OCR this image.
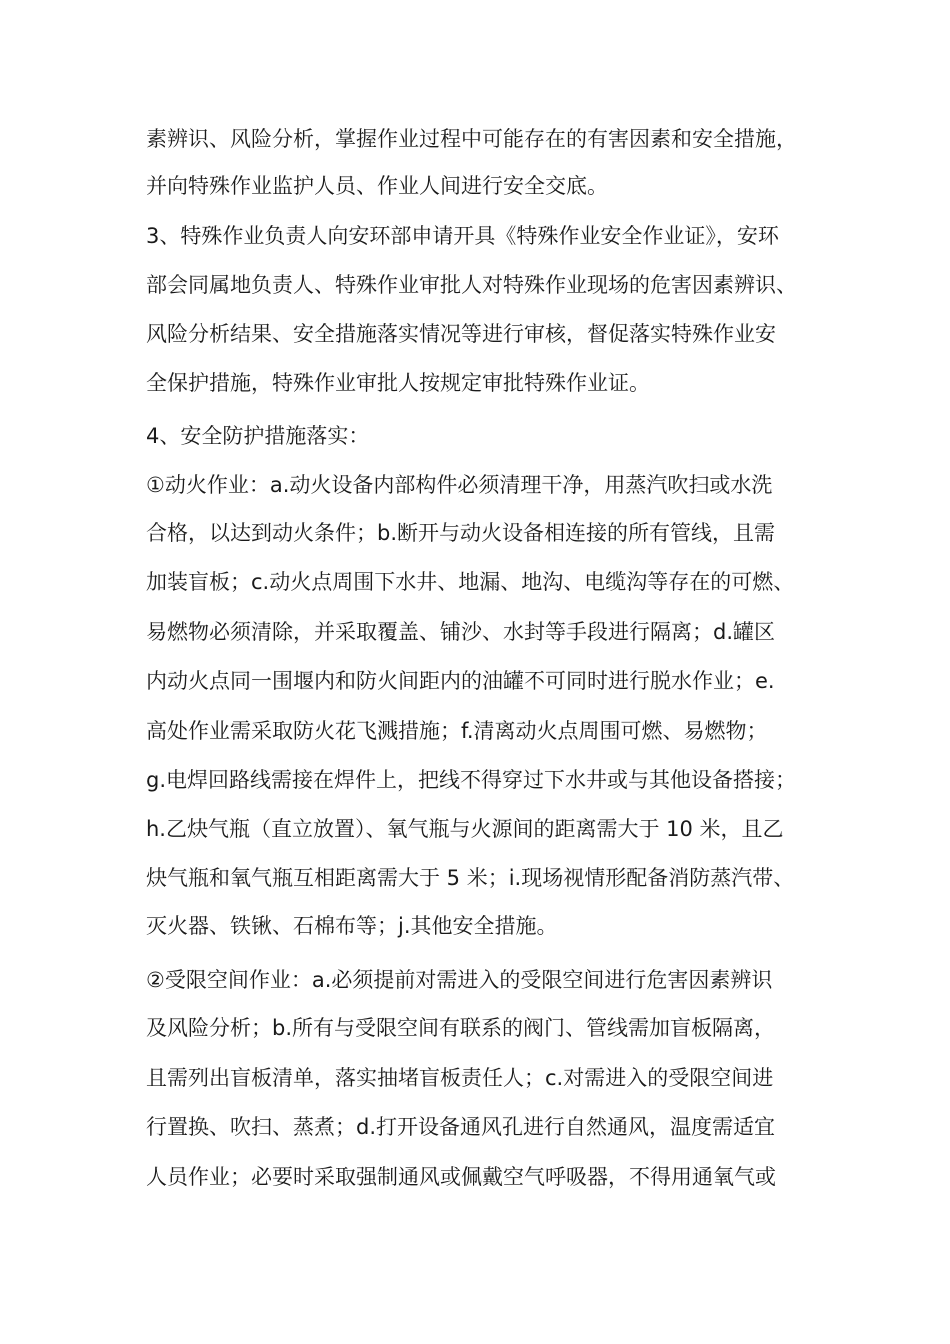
素辨识、风险分析，掌握作业过程中可能存在的有害因素和安全措施，
并向特殊作业监护人员、作业人间进行安全交底。
3、特殊作业负责人向安环部申请开具《特殊作业安全作业证》，安环
部会同属地负责人、特殊作业审批人对特殊作业现场的危害因素辨识、
风险分析结果、安全措施落实情况等进行审核，督促落实特殊作业安
全保护措施，特殊作业审批人按规定审批特殊作业证。
4、安全防护措施落实：
①动火作业：a.动火设备内部构件必须清理干净，用蒸汽吹扫或水洗
合格，以达到动火条件；b.断开与动火设备相连接的所有管线，且需
加装盲板；c.动火点周围下水井、地漏、地沟、电缆沟等存在的可燃、
易燃物必须清除，并采取覆盖、铺沙、水封等手段进行隔离；d.罐区
内动火点同一围堰内和防火间距内的油罐不可同时进行脱水作业；e.
高处作业需采取防火花飞溅措施；f.清离动火点周围可燃、易燃物；
g.电焊回路线需接在焊件上，把线不得穿过下水井或与其他设备搭接；
h.乙炔气瓶（直立放置）、氧气瓶与火源间的距离需大于 10 米，且乙
炔气瓶和氧气瓶互相距离需大于 5 米；i.现场视情形配备消防蒸汽带、
灭火器、铁锹、石棉布等；j.其他安全措施。
②受限空间作业：a.必须提前对需进入的受限空间进行危害因素辨识
及风险分析；b.所有与受限空间有联系的阀门、管线需加盲板隔离，
且需列出盲板清单，落实抽堵盲板责任人；c.对需进入的受限空间进
行置换、吹扫、蒸煮；d.打开设备通风孔进行自然通风，温度需适宜
人员作业；必要时采取强制通风或佩戴空气呼吸器，不得用通氧气或
